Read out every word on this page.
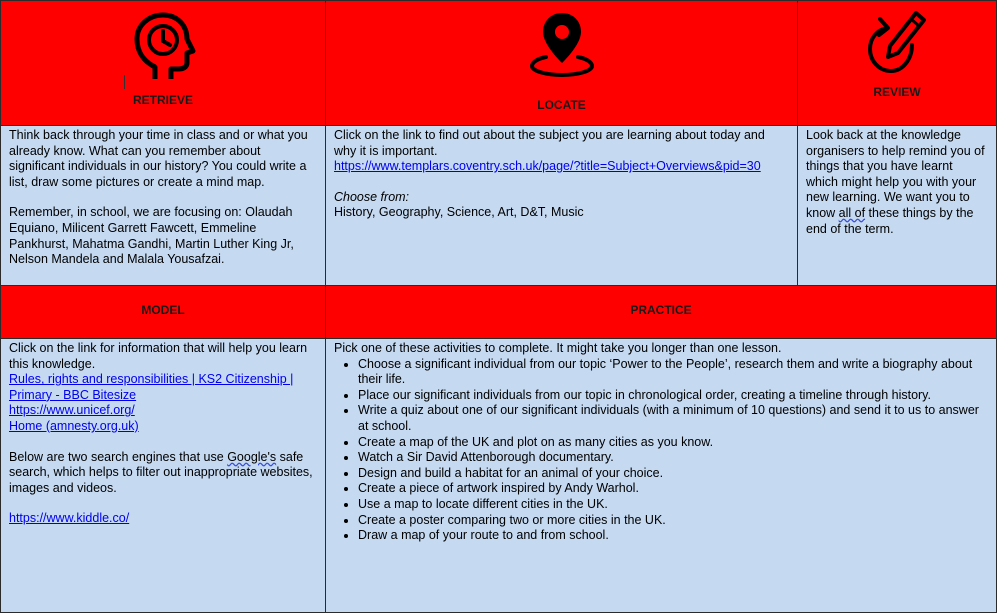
RETRIEVE	LOCATE
REVIEW

Think back through your time in class and or what you already know. What can you remember about significant individuals in our history? You could write a list, draw some pictures or create a mind map.

Remember, in school, we are focusing on: Olaudah Equiano, Milicent Garrett Fawcett, Emmeline Pankhurst, Mahatma Gandhi, Martin Luther King Jr, Nelson Mandela and Malala Yousafzai.

Click on the link to find out about the subject you are learning about today and why it is important.

https://www.templars.coventry.sch.uk/page/?title=Subject+Overviews&pid=30

Choose from:

History, Geography, Science, Art, D&T, Music

Look back at the knowledge organisers to help remind you of things that you have learnt which might help you with your new learning. We want you to know all of these things by the end of the term.

MODEL	PRACTICE

Click on the link for information that will help you learn this knowledge.

Rules, rights and responsibilities | KS2 Citizenship | Primary - BBC Bitesize

https://www.unicef.org/

Home (amnesty.org.uk)

Below are two search engines that use Google's safe search, which helps to filter out inappropriate websites, images and videos.

https://www.kiddle.co/

Pick one of these activities to complete. It might take you longer than one lesson.

• Choose a significant individual from our topic ‘Power to the People’, research them and write a biography about their life.
• Place our significant individuals from our topic in chronological order, creating a timeline through history.
• Write a quiz about one of our significant individuals (with a minimum of 10 questions) and send it to us to answer at school.
• Create a map of the UK and plot on as many cities as you know.
• Watch a Sir David Attenborough documentary.
• Design and build a habitat for an animal of your choice.
• Create a piece of artwork inspired by Andy Warhol.
• Use a map to locate different cities in the UK.
• Create a poster comparing two or more cities in the UK.
• Draw a map of your route to and from school.
